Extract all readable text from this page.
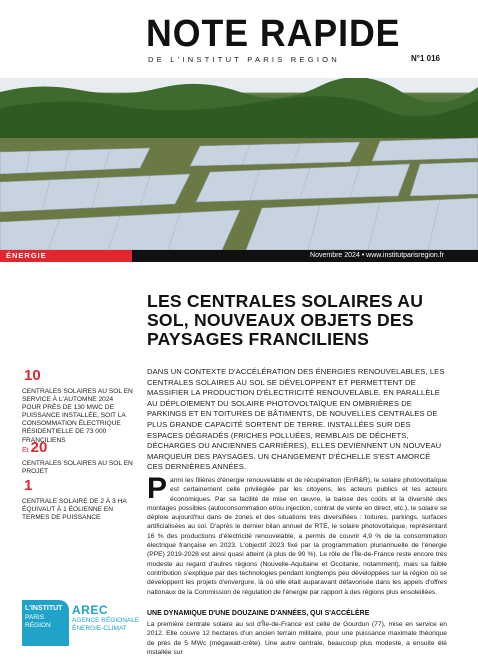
NOTE RAPIDE
DE L'INSTITUT PARIS REGION	N°1 016
ÉNERGIE	Novembre 2024 • www.institutparisregion.fr
LES CENTRALES SOLAIRES AU SOL, NOUVEAUX OBJETS DES PAYSAGES FRANCILIENS

DANS UN CONTEXTE D'ACCÉLÉRATION DES ÉNERGIES RENOUVELABLES, LES CENTRALES SOLAIRES AU SOL SE DÉVELOPPENT ET PERMETTENT DE MASSIFIER LA PRODUCTION D'ÉLECTRICITÉ RENOUVELABLE. EN PARALLÈLE AU DÉPLOIEMENT DU SOLAIRE PHOTOVOLTAÏQUE EN OMBRIÈRES DE PARKINGS ET EN TOITURES DE BÂTIMENTS, DE NOUVELLES CENTRALES DE PLUS GRANDE CAPACITÉ SORTENT DE TERRE. INSTALLÉES SUR DES ESPACES DÉGRADÉS (FRICHES POLLUÉES, REMBLAIS DE DÉCHETS, DÉCHARGES OU ANCIENNES CARRIÈRES), ELLES DEVIENNENT UN NOUVEAU MARQUEUR DES PAYSAGES. UN CHANGEMENT D'ÉCHELLE S'EST AMORCÉ CES DERNIÈRES ANNÉES.

10
CENTRALES SOLAIRES AU SOL EN SERVICE À L'AUTOMNE 2024 POUR PRÈS DE 130 MWC DE PUISSANCE INSTALLÉE, SOIT LA CONSOMMATION ÉLECTRIQUE RÉSIDENTIELLE DE 73 000 FRANCILIENS
Et 20
CENTRALES SOLAIRES AU SOL EN PROJET
1
CENTRALE SOLAIRE DE 2 À 3 HA ÉQUIVAUT À 1 ÉOLIENNE EN TERMES DE PUISSANCE
Parmi les filières d'énergie renouvelable et de récupération (EnR&R), le solaire photovoltaïque est certainement celle privilégiée par les citoyens, les acteurs publics et les acteurs économiques. Par sa facilité de mise en œuvre, la baisse des coûts et la diversité des montages possibles (autoconsommation et/ou injection, contrat de vente en direct, etc.), le solaire se déploie aujourd'hui dans de zones et des situations très diversifiées : toitures, parkings, surfaces artificialisées au sol. D'après le dernier bilan annuel de RTE, le solaire photovoltaïque, représentant 16 % des productions d'électricité renouvelable, a permis de couvrir 4,9 % de la consommation électrique française en 2023. L'objectif 2023 fixé par la programmation pluriannuelle de l'énergie (PPE) 2019-2028 est ainsi quasi atteint (à plus de 90 %). Le rôle de l'Île-de-France reste encore très modeste au regard d'autres régions (Nouvelle-Aquitaine et Occitanie, notamment), mais sa faible contribution s'explique par des technologies pendant longtemps peu développées sur la région où se développent les projets d'envergure, là où elle était auparavant défavorisée dans les appels d'offres nationaux de la Commission de régulation de l'énergie par rapport à des régions plus ensoleillées.
UNE DYNAMIQUE D'UNE DOUZAINE D'ANNÉES, QUI S'ACCÉLÈRE

La première centrale solaire au sol d'Île-de-France est celle de Gourdun (77), mise en service en 2012. Elle couvre 12 hectares d'un ancien terrain militaire, pour une puissance maximale théorique de près de 5 MWc (mégawatt-crête). Une autre centrale, beaucoup plus modeste, a ensuite été installée sur

L'INSTITUT
PARIS RÉGION
AREC
AGENCE RÉGIONALE ÉNERGIE-CLIMAT
